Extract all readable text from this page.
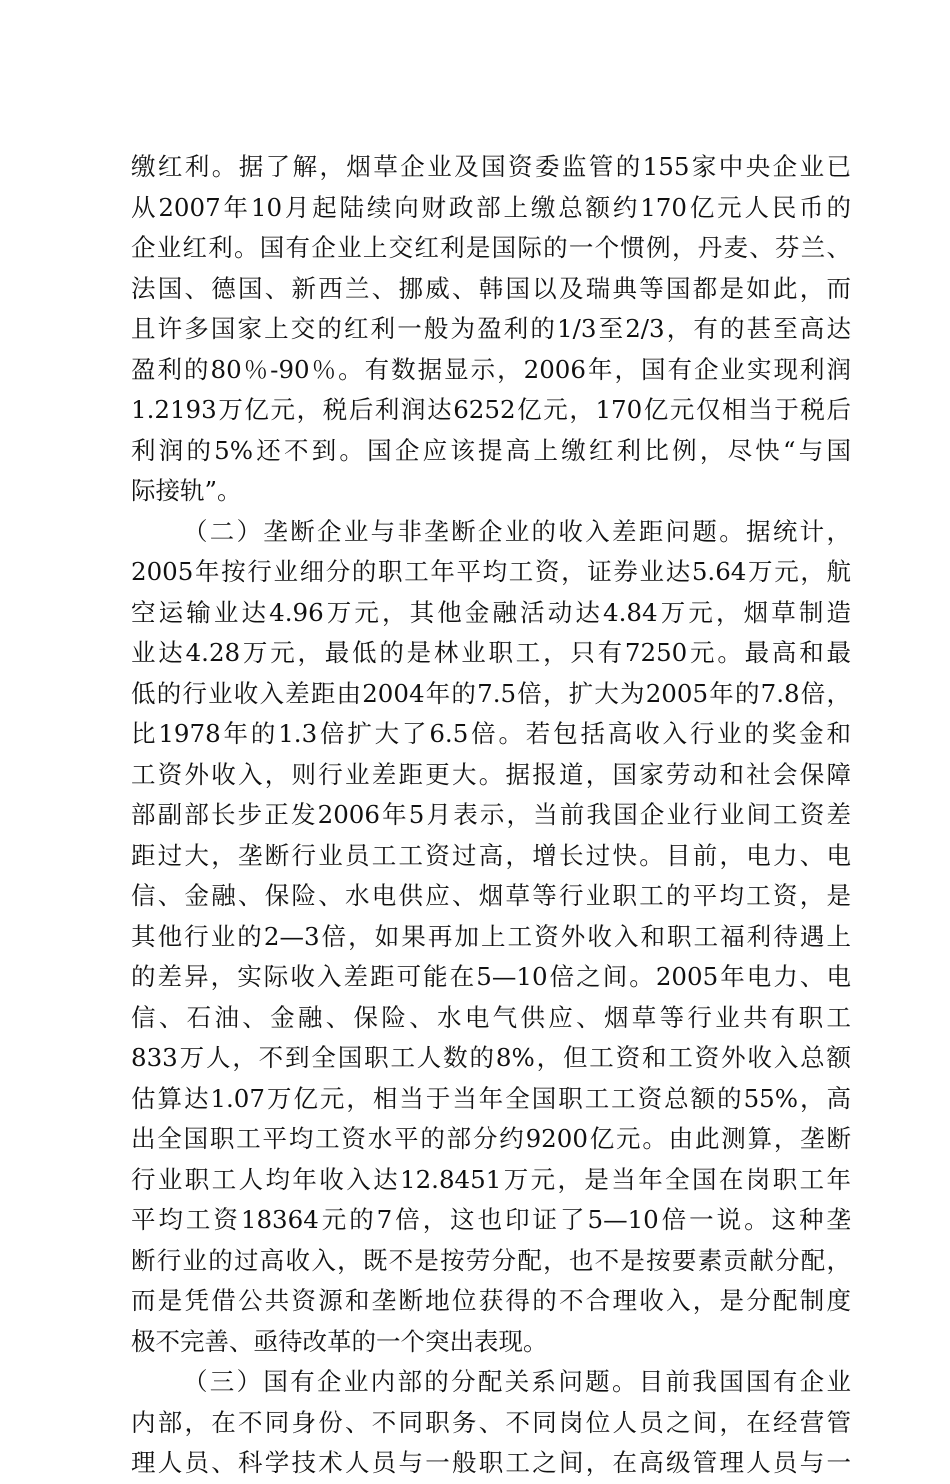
缴红利。据了解，烟草企业及国资委监管的155家中央企业已
从2007年10月起陆续向财政部上缴总额约170亿元人民币的
企业红利。国有企业上交红利是国际的一个惯例，丹麦、芬兰、
法国、德国、新西兰、挪威、韩国以及瑞典等国都是如此，而
且许多国家上交的红利一般为盈利的1/3至2/3，有的甚至高达
盈利的80％-90％。有数据显示，2006年，国有企业实现利润
1.2193万亿元，税后利润达6252亿元，170亿元仅相当于税后
利润的5%还不到。国企应该提高上缴红利比例，尽快“与国
际接轨”。
（二）垄断企业与非垄断企业的收入差距问题。据统计，
2005年按行业细分的职工年平均工资，证券业达5.64万元，航
空运输业达4.96万元，其他金融活动达4.84万元，烟草制造
业达4.28万元，最低的是林业职工，只有7250元。最高和最
低的行业收入差距由2004年的7.5倍，扩大为2005年的7.8倍，
比1978年的1.3倍扩大了6.5倍。若包括高收入行业的奖金和
工资外收入，则行业差距更大。据报道，国家劳动和社会保障
部副部长步正发2006年5月表示，当前我国企业行业间工资差
距过大，垄断行业员工工资过高，增长过快。目前，电力、电
信、金融、保险、水电供应、烟草等行业职工的平均工资，是
其他行业的2—3倍，如果再加上工资外收入和职工福利待遇上
的差异，实际收入差距可能在5—10倍之间。2005年电力、电
信、石油、金融、保险、水电气供应、烟草等行业共有职工
833万人，不到全国职工人数的8%，但工资和工资外收入总额
估算达1.07万亿元，相当于当年全国职工工资总额的55%，高
出全国职工平均工资水平的部分约9200亿元。由此测算，垄断
行业职工人均年收入达12.8451万元，是当年全国在岗职工年
平均工资18364元的7倍，这也印证了5—10倍一说。这种垄
断行业的过高收入，既不是按劳分配，也不是按要素贡献分配，
而是凭借公共资源和垄断地位获得的不合理收入，是分配制度
极不完善、亟待改革的一个突出表现。
（三）国有企业内部的分配关系问题。目前我国国有企业
内部，在不同身份、不同职务、不同岗位人员之间，在经营管
理人员、科学技术人员与一般职工之间，在高级管理人员与一
